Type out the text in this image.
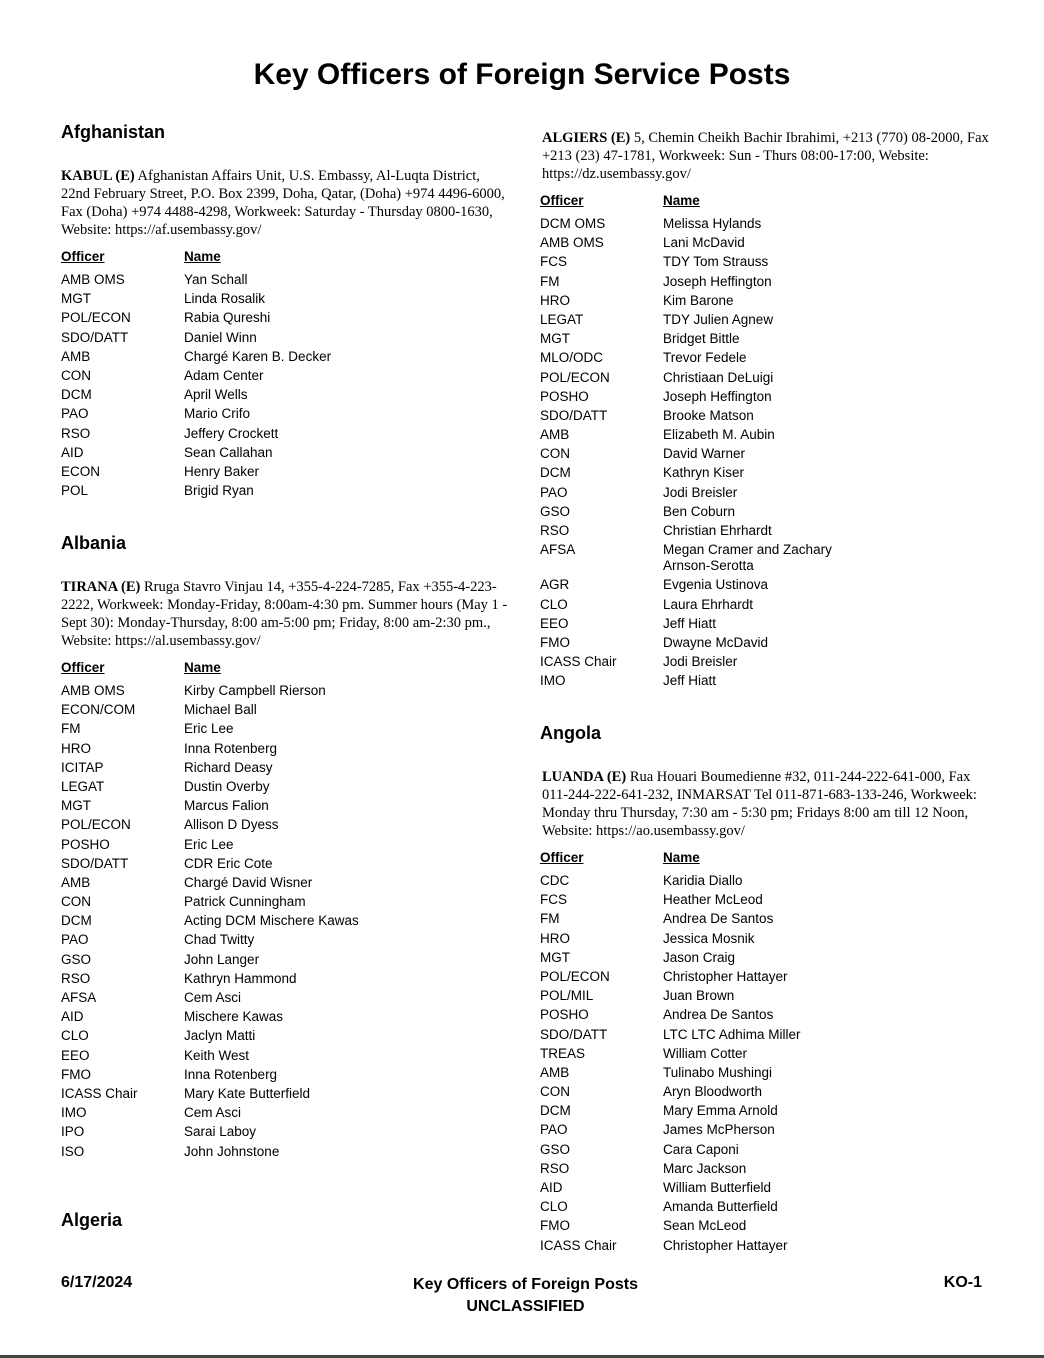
Key Officers of Foreign Service Posts
Afghanistan
KABUL (E) Afghanistan Affairs Unit, U.S. Embassy, Al-Luqta District, 22nd February Street, P.O. Box 2399, Doha, Qatar, (Doha) +974 4496-6000, Fax (Doha) +974 4488-4298, Workweek: Saturday - Thursday 0800-1630, Website: https://af.usembassy.gov/
Officer	Name
AMB OMS	Yan Schall
MGT	Linda Rosalik
POL/ECON	Rabia Qureshi
SDO/DATT	Daniel Winn
AMB	Chargé Karen B. Decker
CON	Adam Center
DCM	April Wells
PAO	Mario Crifo
RSO	Jeffery Crockett
AID	Sean Callahan
ECON	Henry Baker
POL	Brigid Ryan
Albania
TIRANA (E) Rruga Stavro Vinjau 14, +355-4-224-7285, Fax +355-4-223-2222, Workweek: Monday-Friday, 8:00am-4:30 pm. Summer hours (May 1 - Sept 30): Monday-Thursday, 8:00 am-5:00 pm; Friday, 8:00 am-2:30 pm., Website: https://al.usembassy.gov/
Officer	Name
AMB OMS	Kirby Campbell Rierson
ECON/COM	Michael Ball
FM	Eric Lee
HRO	Inna Rotenberg
ICITAP	Richard Deasy
LEGAT	Dustin Overby
MGT	Marcus Falion
POL/ECON	Allison D Dyess
POSHO	Eric Lee
SDO/DATT	CDR Eric Cote
AMB	Chargé David Wisner
CON	Patrick Cunningham
DCM	Acting DCM Mischere Kawas
PAO	Chad Twitty
GSO	John Langer
RSO	Kathryn Hammond
AFSA	Cem Asci
AID	Mischere Kawas
CLO	Jaclyn Matti
EEO	Keith West
FMO	Inna Rotenberg
ICASS Chair	Mary Kate Butterfield
IMO	Cem Asci
IPO	Sarai Laboy
ISO	John Johnstone
Algeria
ALGIERS (E) 5, Chemin Cheikh Bachir Ibrahimi, +213 (770) 08-2000, Fax +213 (23) 47-1781, Workweek: Sun - Thurs 08:00-17:00, Website: https://dz.usembassy.gov/
Officer	Name
DCM OMS	Melissa Hylands
AMB OMS	Lani McDavid
FCS	TDY Tom Strauss
FM	Joseph Heffington
HRO	Kim Barone
LEGAT	TDY Julien Agnew
MGT	Bridget Bittle
MLO/ODC	Trevor Fedele
POL/ECON	Christiaan DeLuigi
POSHO	Joseph Heffington
SDO/DATT	Brooke Matson
AMB	Elizabeth M. Aubin
CON	David Warner
DCM	Kathryn Kiser
PAO	Jodi Breisler
GSO	Ben Coburn
RSO	Christian Ehrhardt
AFSA	Megan Cramer and Zachary Arnson-Serotta
AGR	Evgenia Ustinova
CLO	Laura Ehrhardt
EEO	Jeff Hiatt
FMO	Dwayne McDavid
ICASS Chair	Jodi Breisler
IMO	Jeff Hiatt
Angola
LUANDA (E) Rua Houari Boumedienne #32, 011-244-222-641-000, Fax 011-244-222-641-232, INMARSAT Tel 011-871-683-133-246, Workweek: Monday thru Thursday, 7:30 am - 5:30 pm; Fridays 8:00 am till 12 Noon, Website: https://ao.usembassy.gov/
Officer	Name
CDC	Karidia Diallo
FCS	Heather McLeod
FM	Andrea De Santos
HRO	Jessica Mosnik
MGT	Jason Craig
POL/ECON	Christopher Hattayer
POL/MIL	Juan Brown
POSHO	Andrea De Santos
SDO/DATT	LTC LTC Adhima Miller
TREAS	William Cotter
AMB	Tulinabo Mushingi
CON	Aryn Bloodworth
DCM	Mary Emma Arnold
PAO	James McPherson
GSO	Cara Caponi
RSO	Marc Jackson
AID	William Butterfield
CLO	Amanda Butterfield
FMO	Sean McLeod
ICASS Chair	Christopher Hattayer
6/17/2024	Key Officers of Foreign Posts
UNCLASSIFIED
KO-1
